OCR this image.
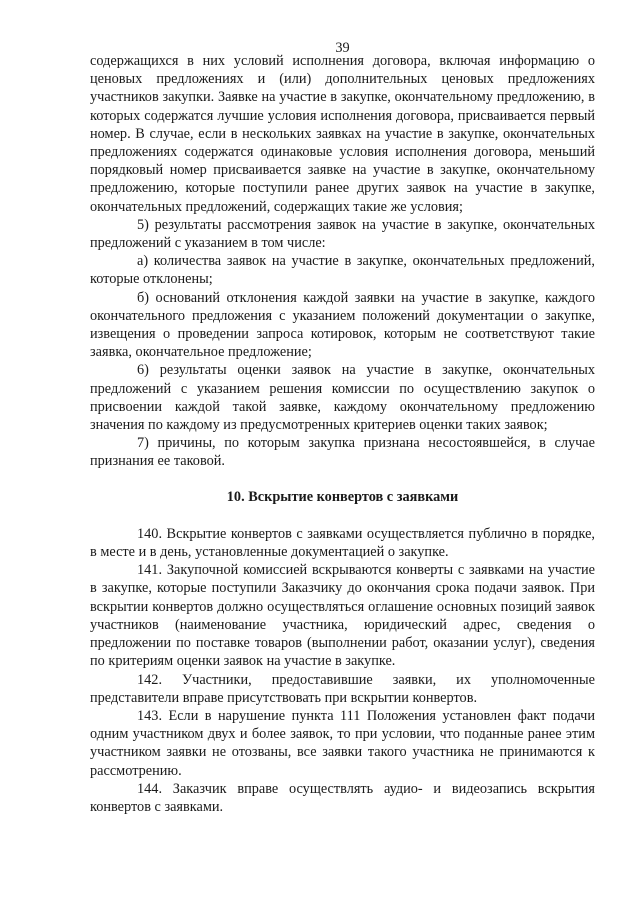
39

содержащихся в них условий исполнения договора, включая информацию о ценовых предложениях и (или) дополнительных ценовых предложениях участников закупки. Заявке на участие в закупке, окончательному предложению, в которых содержатся лучшие условия исполнения договора, присваивается первый номер. В случае, если в нескольких заявках на участие в закупке, окончательных предложениях содержатся одинаковые условия исполнения договора, меньший порядковый номер присваивается заявке на участие в закупке, окончательному предложению, которые поступили ранее других заявок на участие в закупке, окончательных предложений, содержащих такие же условия;

5) результаты рассмотрения заявок на участие в закупке, окончательных предложений с указанием в том числе:

а) количества заявок на участие в закупке, окончательных предложений, которые отклонены;

б) оснований отклонения каждой заявки на участие в закупке, каждого окончательного предложения с указанием положений документации о закупке, извещения о проведении запроса котировок, которым не соответствуют такие заявка, окончательное предложение;

6) результаты оценки заявок на участие в закупке, окончательных предложений с указанием решения комиссии по осуществлению закупок о присвоении каждой такой заявке, каждому окончательному предложению значения по каждому из предусмотренных критериев оценки таких заявок;

7) причины, по которым закупка признана несостоявшейся, в случае признания ее таковой.

10. Вскрытие конвертов с заявками

140. Вскрытие конвертов с заявками осуществляется публично в порядке, в месте и в день, установленные документацией о закупке.

141. Закупочной комиссией вскрываются конверты с заявками на участие в закупке, которые поступили Заказчику до окончания срока подачи заявок. При вскрытии конвертов должно осуществляться оглашение основных позиций заявок участников (наименование участника, юридический адрес, сведения о предложении по поставке товаров (выполнении работ, оказании услуг), сведения по критериям оценки заявок на участие в закупке.

142. Участники, предоставившие заявки, их уполномоченные представители вправе присутствовать при вскрытии конвертов.

143. Если в нарушение пункта 111 Положения установлен факт подачи одним участником двух и более заявок, то при условии, что поданные ранее этим участником заявки не отозваны, все заявки такого участника не принимаются к рассмотрению.

144. Заказчик вправе осуществлять аудио- и видеозапись вскрытия конвертов с заявками.
